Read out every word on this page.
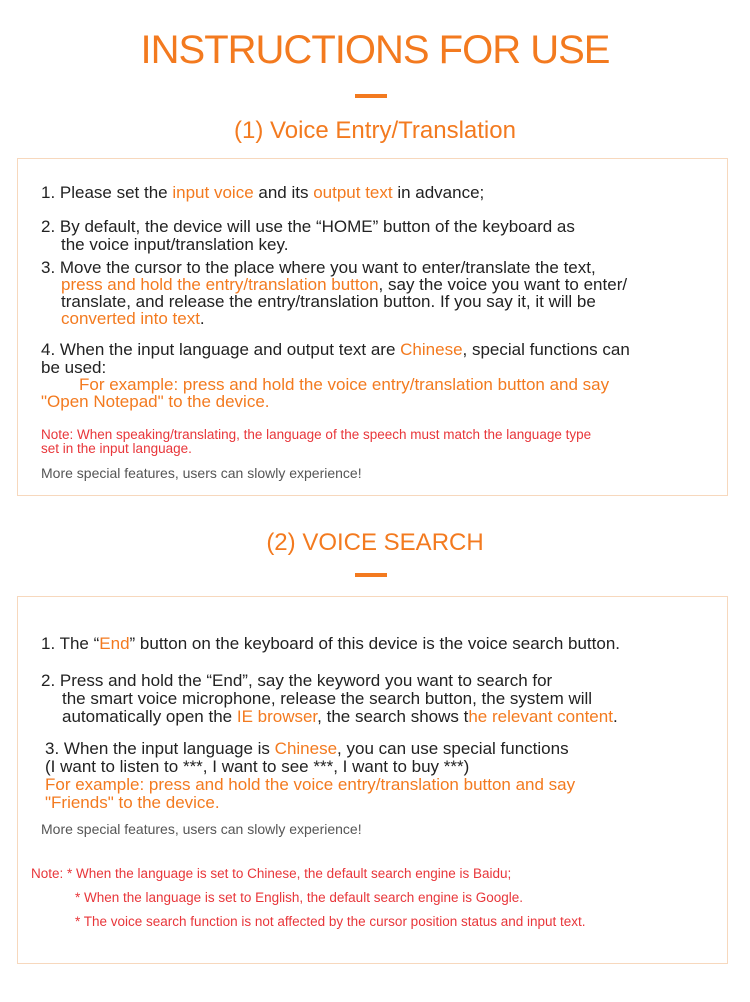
INSTRUCTIONS FOR USE
(1) Voice Entry/Translation

1. Please set the input voice and its output text in advance;

2. By default, the device will use the “HOME” button of the keyboard as

the voice input/translation key.

3. Move the cursor to the place where you want to enter/translate the text,

press and hold the entry/translation button, say the voice you want to enter/

translate, and release the entry/translation button. If you say it, it will be

converted into text.

4. When the input language and output text are Chinese, special functions can

be used:

For example: press and hold the voice entry/translation button and say

"Open Notepad" to the device.

Note: When speaking/translating, the language of the speech must match the language type

set in the input language.

More special features, users can slowly experience!

(2) VOICE SEARCH

1. The “End” button on the keyboard of this device is the voice search button.

2. Press and hold the “End”, say the keyword you want to search for

the smart voice microphone, release the search button, the system will

automatically open the IE browser, the search shows the relevant content.

3. When the input language is Chinese, you can use special functions

(I want to listen to ***, I want to see ***, I want to buy ***)

For example: press and hold the voice entry/translation button and say

"Friends" to the device.

More special features, users can slowly experience!

Note: * When the language is set to Chinese, the default search engine is Baidu;

* When the language is set to English, the default search engine is Google.

* The voice search function is not affected by the cursor position status and input text.
